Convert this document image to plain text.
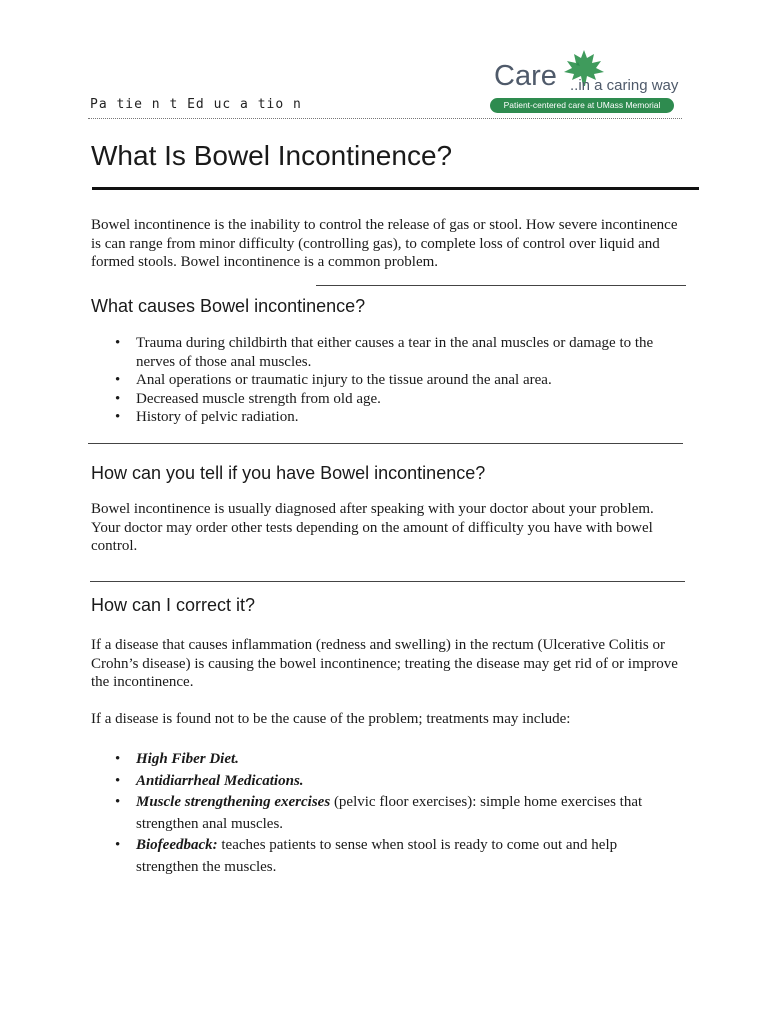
Care ..in a caring way
Patient-centered care at UMass Memorial
Pa tie n t Ed uc a tio n
What Is Bowel Incontinence?

Bowel incontinence is the inability to control the release of gas or stool. How severe incontinence is can range from minor difficulty (controlling gas), to complete loss of control over liquid and formed stools. Bowel incontinence is a common problem.

What causes Bowel incontinence?
• Trauma during childbirth that either causes a tear in the anal muscles or damage to the nerves of those anal muscles.
• Anal operations or traumatic injury to the tissue around the anal area.
• Decreased muscle strength from old age.
• History of pelvic radiation.
How can you tell if you have Bowel incontinence?

Bowel incontinence is usually diagnosed after speaking with your doctor about your problem. Your doctor may order other tests depending on the amount of difficulty you have with bowel control.

How can I correct it?

If a disease that causes inflammation (redness and swelling) in the rectum (Ulcerative Colitis or Crohn’s disease) is causing the bowel incontinence; treating the disease may get rid of or improve the incontinence.

If a disease is found not to be the cause of the problem; treatments may include:

• High Fiber Diet.
• Antidiarrheal Medications.
• Muscle strengthening exercises (pelvic floor exercises): simple home exercises that strengthen anal muscles.
• Biofeedback: teaches patients to sense when stool is ready to come out and help strengthen the muscles.
